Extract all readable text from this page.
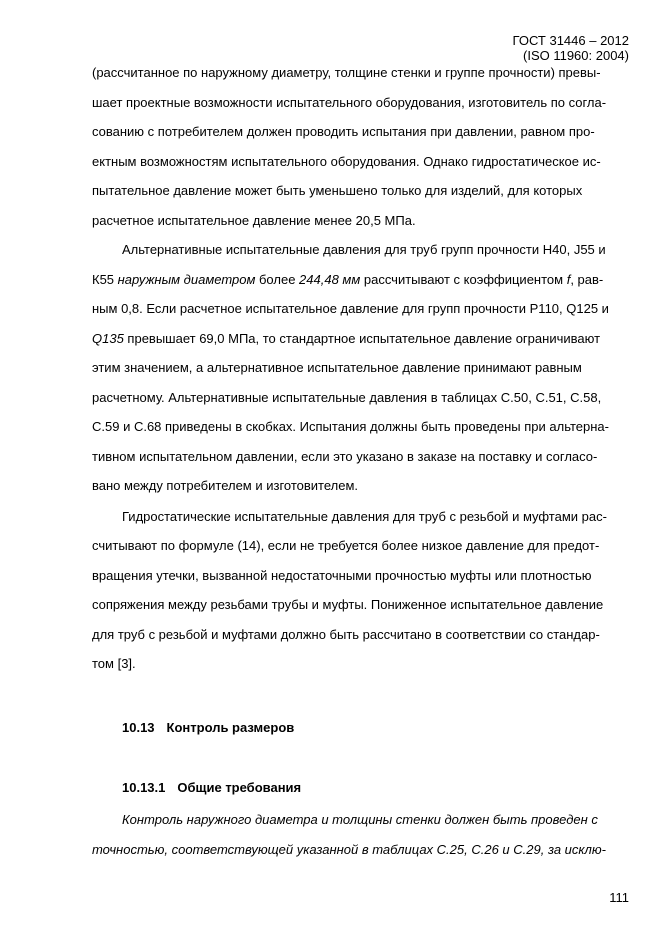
ГОСТ 31446 – 2012
(ISO 11960: 2004)
(рассчитанное по наружному диаметру, толщине стенки и группе прочности) превы-
шает проектные возможности испытательного оборудования, изготовитель по согла-
сованию с потребителем должен проводить испытания при давлении, равном про-
ектным возможностям испытательного оборудования. Однако гидростатическое ис-
пытательное давление может быть уменьшено только для изделий, для которых
расчетное испытательное давление менее 20,5 МПа.
Альтернативные испытательные давления для труб групп прочности Н40, J55 и
К55 наружным диаметром более 244,48 мм рассчитывают с коэффициентом f, рав-
ным 0,8. Если расчетное испытательное давление для групп прочности Р110, Q125 и
Q135 превышает 69,0 МПа, то стандартное испытательное давление ограничивают
этим значением, а альтернативное испытательное давление принимают равным
расчетному. Альтернативные испытательные давления в таблицах С.50, С.51, С.58,
С.59 и С.68 приведены в скобках. Испытания должны быть проведены при альтерна-
тивном испытательном давлении, если это указано в заказе на поставку и согласо-
вано между потребителем и изготовителем.
Гидростатические испытательные давления для труб с резьбой и муфтами рас-
считывают по формуле (14), если не требуется более низкое давление для предот-
вращения утечки, вызванной недостаточными прочностью муфты или плотностью
сопряжения между резьбами трубы и муфты. Пониженное испытательное давление
для труб с резьбой и муфтами должно быть рассчитано в соответствии со стандар-
том [3].
10.13 Контроль размеров
10.13.1 Общие требования
Контроль наружного диаметра и толщины стенки должен быть проведен с
точностью, соответствующей указанной в таблицах С.25, С.26 и С.29, за исклю-
111
